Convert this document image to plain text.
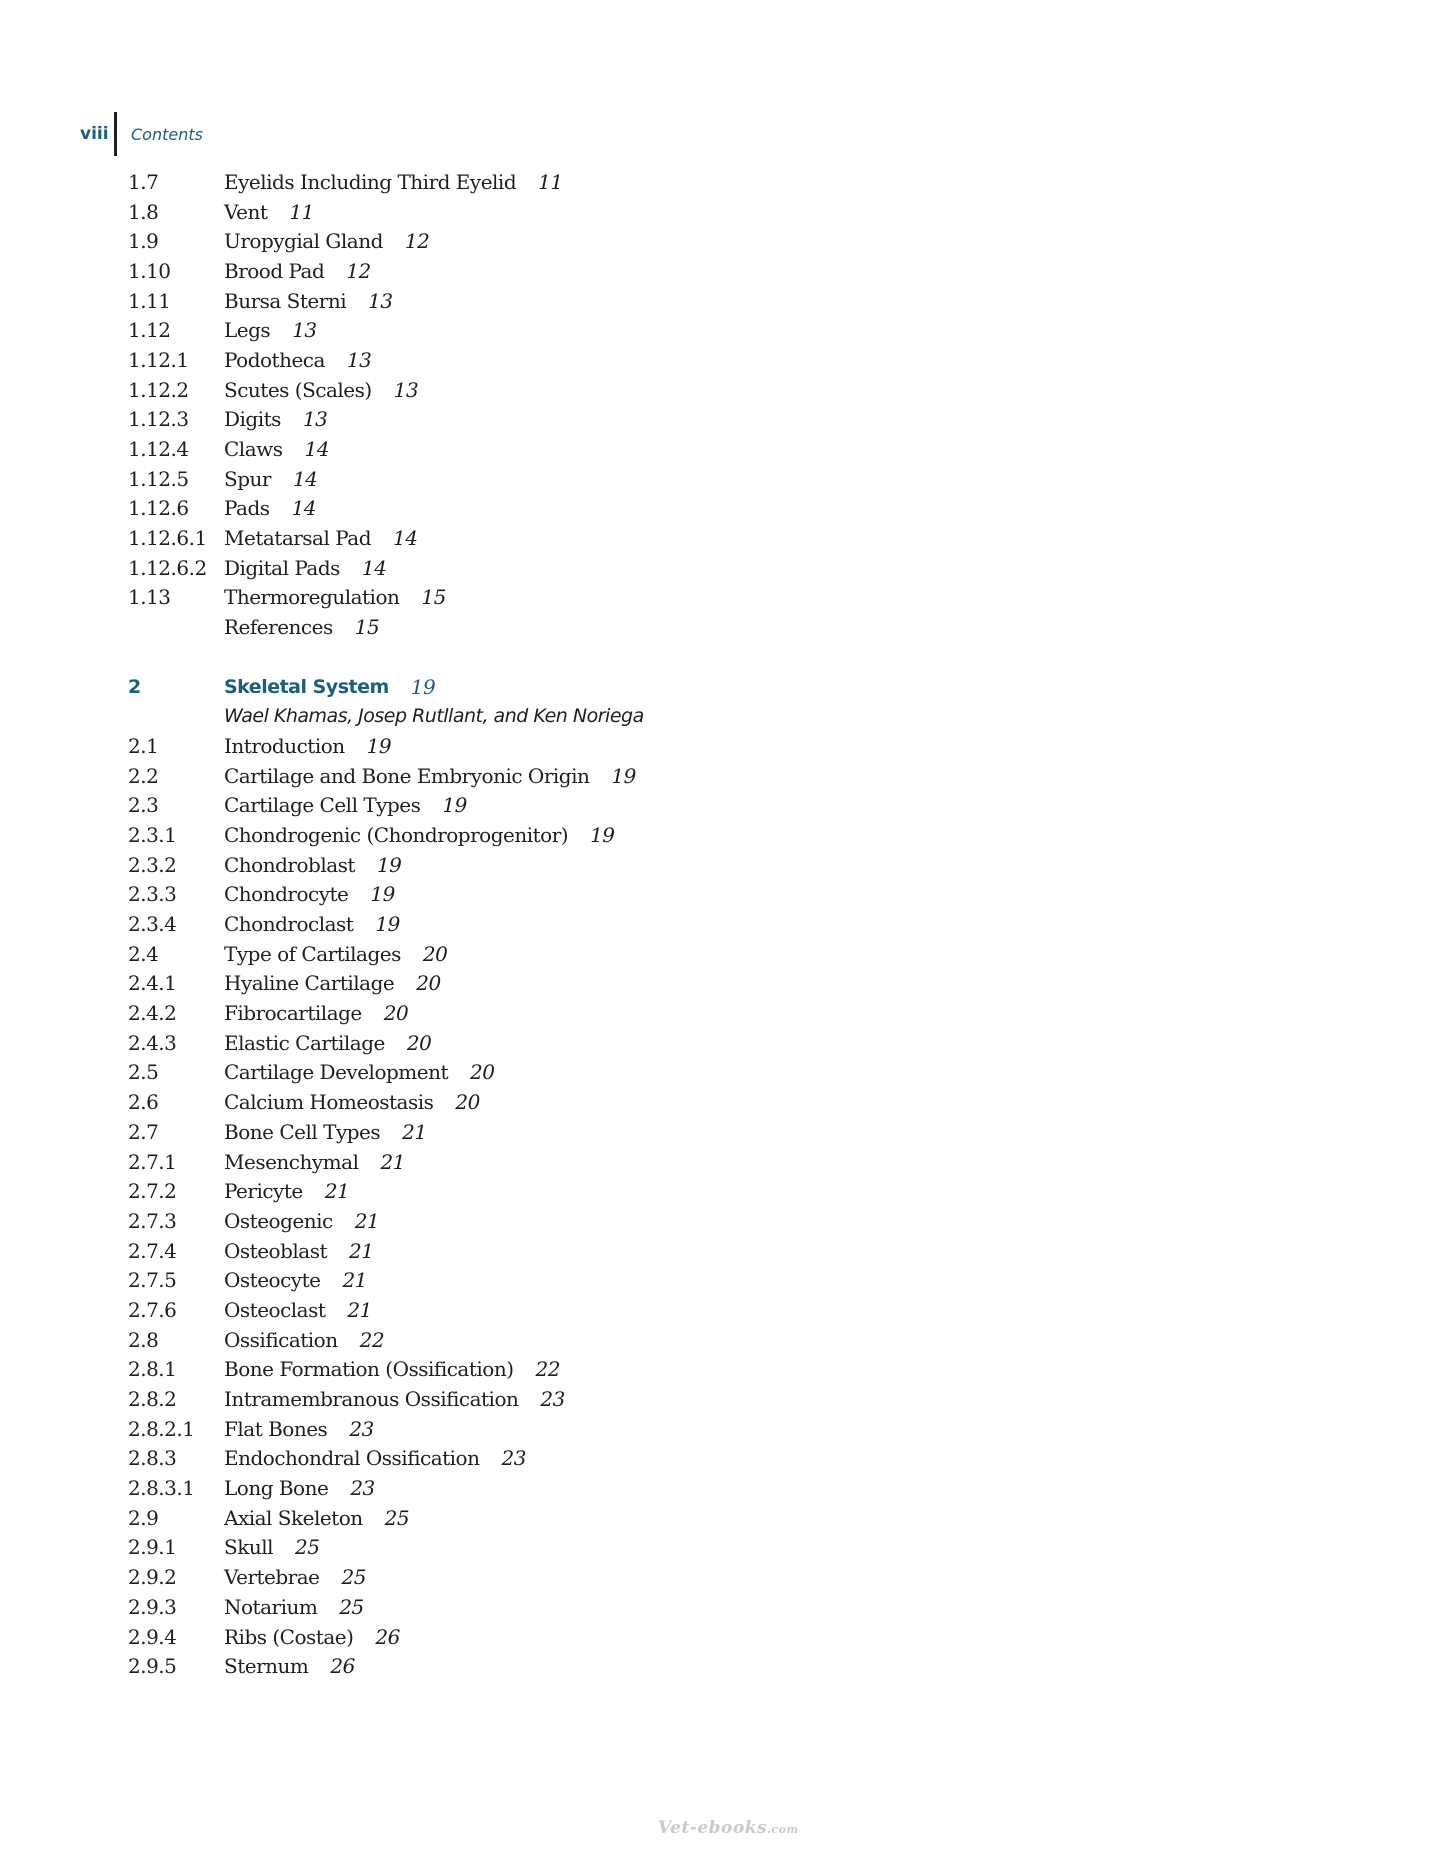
viii Contents
1.7	Eyelids Including Third Eyelid 11
1.8	Vent 11
1.9	Uropygial Gland 12
1.10	Brood Pad 12
1.11	Bursa Sterni 13
1.12	Legs 13
1.12.1	Podotheca 13
1.12.2	Scutes (Scales) 13
1.12.3	Digits 13
1.12.4	Claws 14
1.12.5	Spur 14
1.12.6	Pads 14
1.12.6.1 Metatarsal Pad 14
1.12.6.2 Digital Pads 14
1.13	Thermoregulation 15
References 15
2	Skeletal System 19
Wael Khamas, Josep Rutllant, and Ken Noriega
2.1	Introduction 19
2.2	Cartilage and Bone Embryonic Origin 19
2.3	Cartilage Cell Types 19
2.3.1	Chondrogenic (Chondroprogenitor) 19
2.3.2	Chondroblast 19
2.3.3	Chondrocyte 19
2.3.4	Chondroclast 19
2.4	Type of Cartilages 20
2.4.1	Hyaline Cartilage 20
2.4.2	Fibrocartilage 20
2.4.3	Elastic Cartilage 20
2.5	Cartilage Development 20
2.6	Calcium Homeostasis 20
2.7	Bone Cell Types 21
2.7.1	Mesenchymal 21
2.7.2	Pericyte 21
2.7.3	Osteogenic 21
2.7.4	Osteoblast 21
2.7.5	Osteocyte 21
2.7.6	Osteoclast 21
2.8	Ossification 22
2.8.1	Bone Formation (Ossification) 22
2.8.2	Intramembranous Ossification 23
2.8.2.1	Flat Bones 23
2.8.3	Endochondral Ossification 23
2.8.3.1	Long Bone 23
2.9	Axial Skeleton 25
2.9.1	Skull 25
2.9.2	Vertebrae 25
2.9.3	Notarium 25
2.9.4	Ribs (Costae) 26
2.9.5	Sternum 26
Vet-ebooks.com
